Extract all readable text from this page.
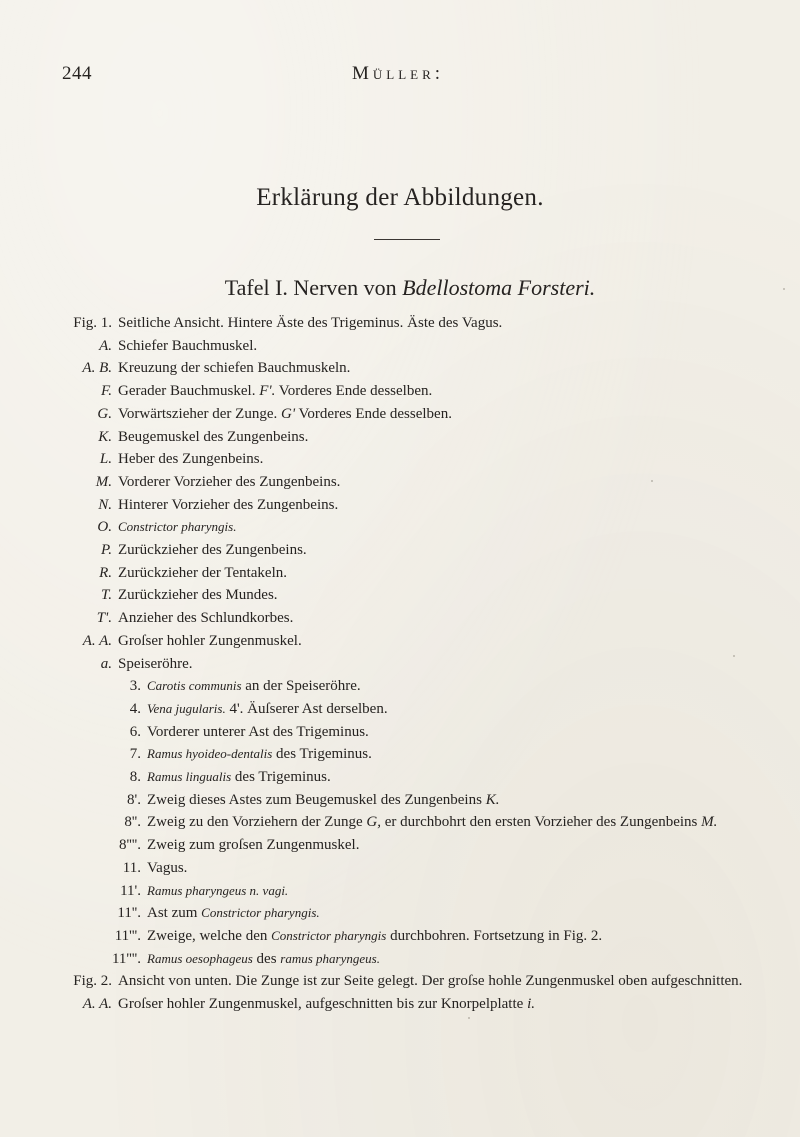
244	Müller:
Erklärung der Abbildungen.
Tafel I. Nerven von Bdellostoma Forsteri.
Fig. 1. Seitliche Ansicht. Hintere Äste des Trigeminus. Äste des Vagus.
A. Schiefer Bauchmuskel.
A. B. Kreuzung der schiefen Bauchmuskeln.
F. Gerader Bauchmuskel. F'. Vorderes Ende desselben.
G. Vorwärtszieher der Zunge. G' Vorderes Ende desselben.
K. Beugemuskel des Zungenbeins.
L. Heber des Zungenbeins.
M. Vorderer Vorzieher des Zungenbeins.
N. Hinterer Vorzieher des Zungenbeins.
O. Constrictor pharyngis.
P. Zurückzieher des Zungenbeins.
R. Zurückzieher der Tentakeln.
T. Zurückzieher des Mundes.
T'. Anzieher des Schlundkorbes.
A. A. Groſser hohler Zungenmuskel.
a. Speiseröhre.
3. Carotis communis an der Speiseröhre.
4. Vena jugularis. 4'. Äuſserer Ast derselben.
6. Vorderer unterer Ast des Trigeminus.
7. Ramus hyoideo-dentalis des Trigeminus.
8. Ramus lingualis des Trigeminus.
8'. Zweig dieses Astes zum Beugemuskel des Zungenbeins K.
8''. Zweig zu den Vorziehern der Zunge G, er durchbohrt den ersten Vorzieher des Zungenbeins M.
8''''. Zweig zum groſsen Zungenmuskel.
11. Vagus.
11'. Ramus pharyngeus n. vagi.
11''. Ast zum Constrictor pharyngis.
11'''. Zweige, welche den Constrictor pharyngis durchbohren. Fortsetzung in Fig. 2.
11''''. Ramus oesophageus des ramus pharyngeus.
Fig. 2. Ansicht von unten. Die Zunge ist zur Seite gelegt. Der groſse hohle Zungenmuskel oben aufgeschnitten.
A. A. Groſser hohler Zungenmuskel, aufgeschnitten bis zur Knorpelplatte i.
